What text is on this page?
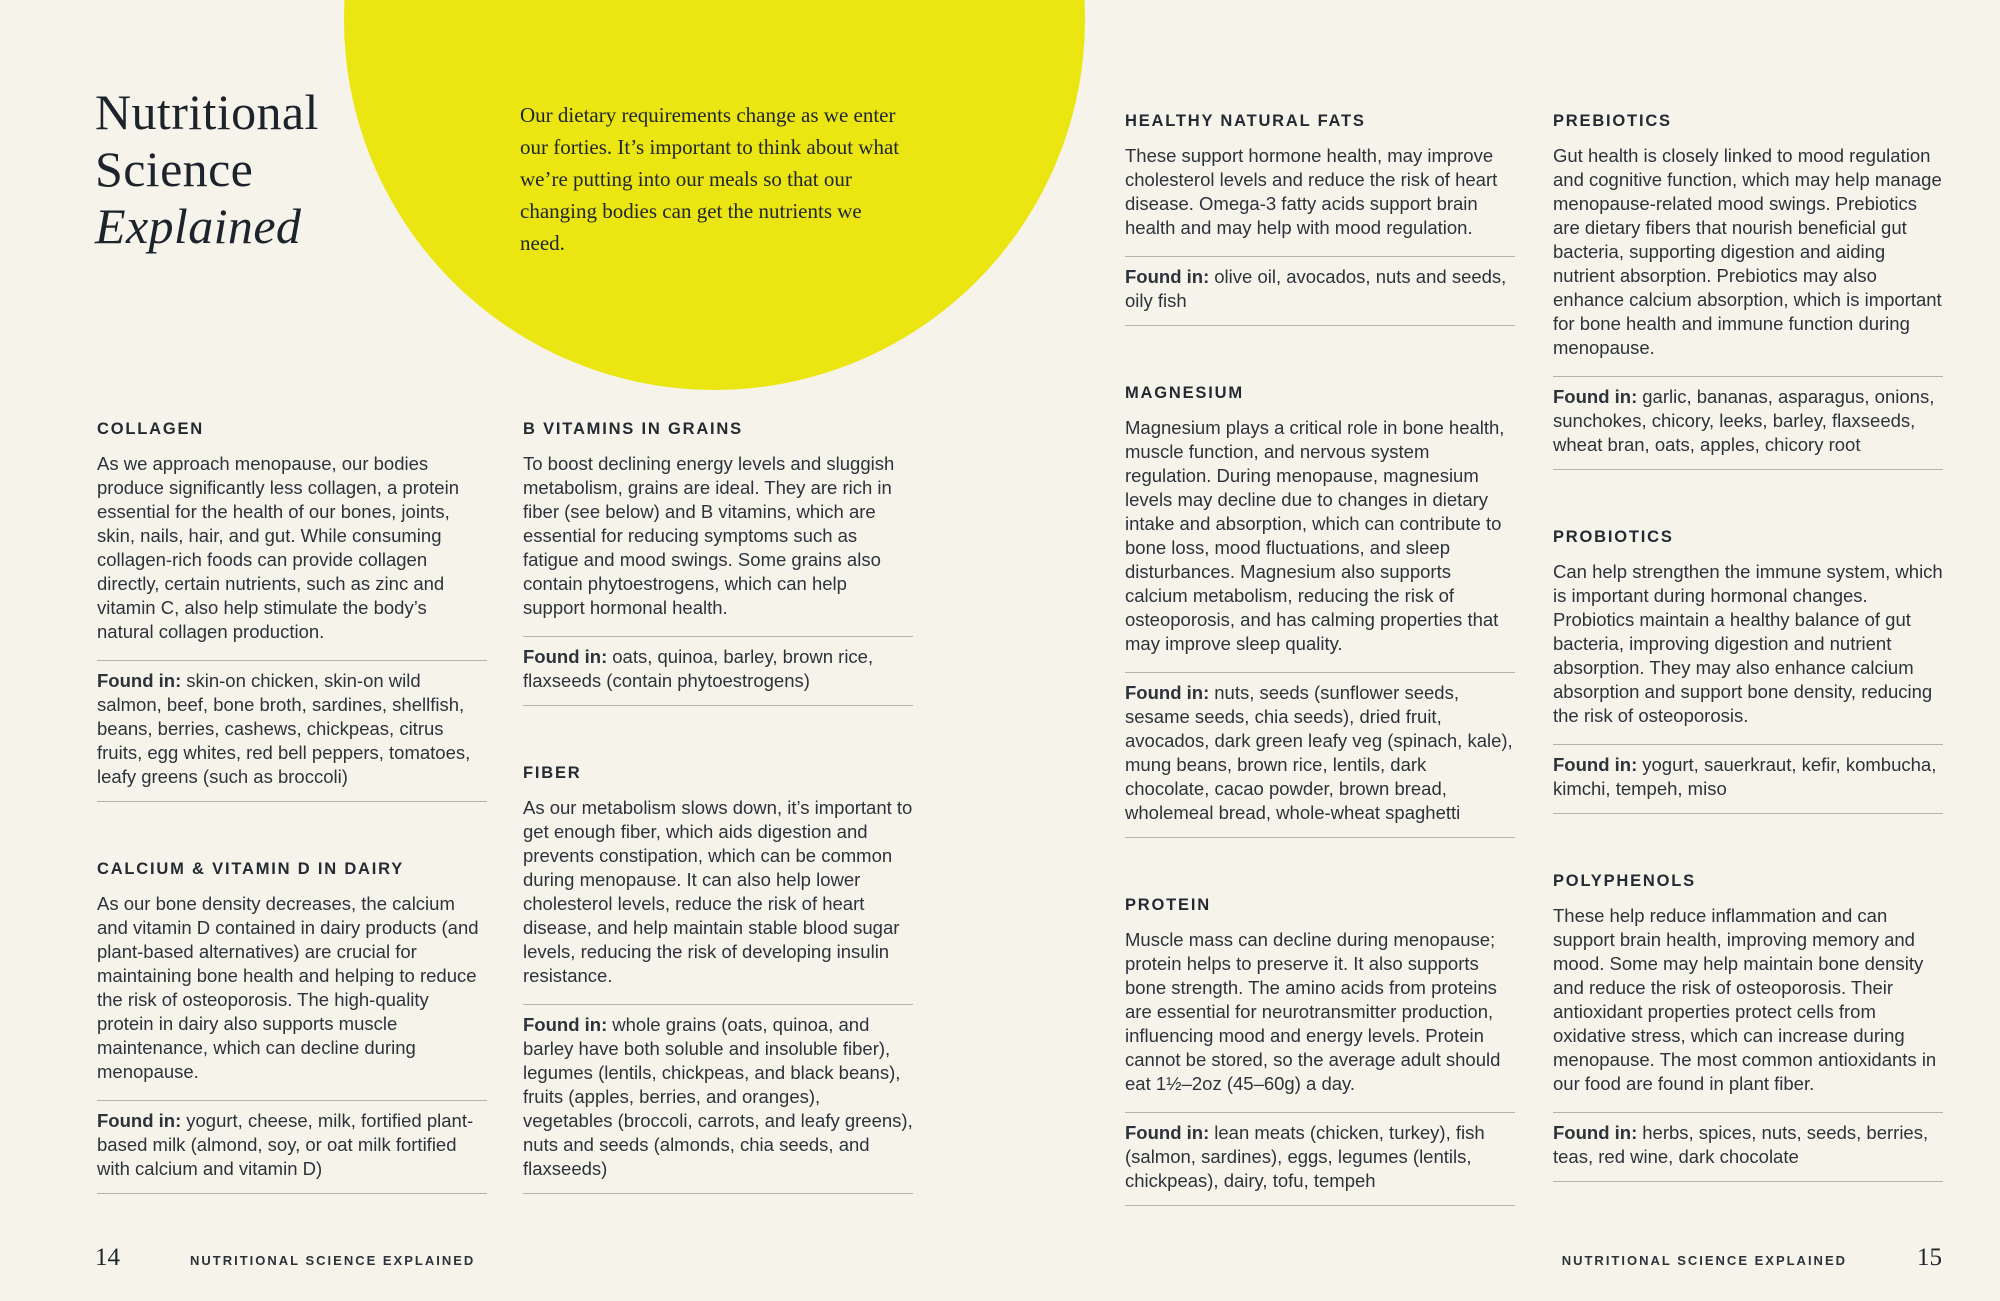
Nutritional
Science
Explained

Our dietary requirements change as we enter our forties. It’s important to think about what we’re putting into our meals so that our changing bodies can get the nutrients we need.

COLLAGEN

As we approach menopause, our bodies produce significantly less collagen, a protein essential for the health of our bones, joints, skin, nails, hair, and gut. While consuming collagen-rich foods can provide collagen directly, certain nutrients, such as zinc and vitamin C, also help stimulate the body’s natural collagen production.

Found in: skin-on chicken, skin-on wild salmon, beef, bone broth, sardines, shellfish, beans, berries, cashews, chickpeas, citrus fruits, egg whites, red bell peppers, tomatoes, leafy greens (such as broccoli)

CALCIUM & VITAMIN D IN DAIRY

As our bone density decreases, the calcium and vitamin D contained in dairy products (and plant-based alternatives) are crucial for maintaining bone health and helping to reduce the risk of osteoporosis. The high-quality protein in dairy also supports muscle maintenance, which can decline during menopause.

Found in: yogurt, cheese, milk, fortified plant-based milk (almond, soy, or oat milk fortified with calcium and vitamin D)

B VITAMINS IN GRAINS

To boost declining energy levels and sluggish metabolism, grains are ideal. They are rich in fiber (see below) and B vitamins, which are essential for reducing symptoms such as fatigue and mood swings. Some grains also contain phytoestrogens, which can help support hormonal health.

Found in: oats, quinoa, barley, brown rice, flaxseeds (contain phytoestrogens)

FIBER

As our metabolism slows down, it’s important to get enough fiber, which aids digestion and prevents constipation, which can be common during menopause. It can also help lower cholesterol levels, reduce the risk of heart disease, and help maintain stable blood sugar levels, reducing the risk of developing insulin resistance.

Found in: whole grains (oats, quinoa, and barley have both soluble and insoluble fiber), legumes (lentils, chickpeas, and black beans), fruits (apples, berries, and oranges), vegetables (broccoli, carrots, and leafy greens), nuts and seeds (almonds, chia seeds, and flaxseeds)

HEALTHY NATURAL FATS

These support hormone health, may improve cholesterol levels and reduce the risk of heart disease. Omega-3 fatty acids support brain health and may help with mood regulation.

Found in: olive oil, avocados, nuts and seeds, oily fish

MAGNESIUM

Magnesium plays a critical role in bone health, muscle function, and nervous system regulation. During menopause, magnesium levels may decline due to changes in dietary intake and absorption, which can contribute to bone loss, mood fluctuations, and sleep disturbances. Magnesium also supports calcium metabolism, reducing the risk of osteoporosis, and has calming properties that may improve sleep quality.

Found in: nuts, seeds (sunflower seeds, sesame seeds, chia seeds), dried fruit, avocados, dark green leafy veg (spinach, kale), mung beans, brown rice, lentils, dark chocolate, cacao powder, brown bread, wholemeal bread, whole-wheat spaghetti

PROTEIN

Muscle mass can decline during menopause; protein helps to preserve it. It also supports bone strength. The amino acids from proteins are essential for neurotransmitter production, influencing mood and energy levels. Protein cannot be stored, so the average adult should eat 1½–2oz (45–60g) a day.

Found in: lean meats (chicken, turkey), fish (salmon, sardines), eggs, legumes (lentils, chickpeas), dairy, tofu, tempeh

PREBIOTICS

Gut health is closely linked to mood regulation and cognitive function, which may help manage menopause-related mood swings. Prebiotics are dietary fibers that nourish beneficial gut bacteria, supporting digestion and aiding nutrient absorption. Prebiotics may also enhance calcium absorption, which is important for bone health and immune function during menopause.

Found in: garlic, bananas, asparagus, onions, sunchokes, chicory, leeks, barley, flaxseeds, wheat bran, oats, apples, chicory root

PROBIOTICS

Can help strengthen the immune system, which is important during hormonal changes. Probiotics maintain a healthy balance of gut bacteria, improving digestion and nutrient absorption. They may also enhance calcium absorption and support bone density, reducing the risk of osteoporosis.

Found in: yogurt, sauerkraut, kefir, kombucha, kimchi, tempeh, miso

POLYPHENOLS

These help reduce inflammation and can support brain health, improving memory and mood. Some may help maintain bone density and reduce the risk of osteoporosis. Their antioxidant properties protect cells from oxidative stress, which can increase during menopause. The most common antioxidants in our food are found in plant fiber.

Found in: herbs, spices, nuts, seeds, berries, teas, red wine, dark chocolate

14	NUTRITIONAL SCIENCE EXPLAINED	NUTRITIONAL SCIENCE EXPLAINED	15
